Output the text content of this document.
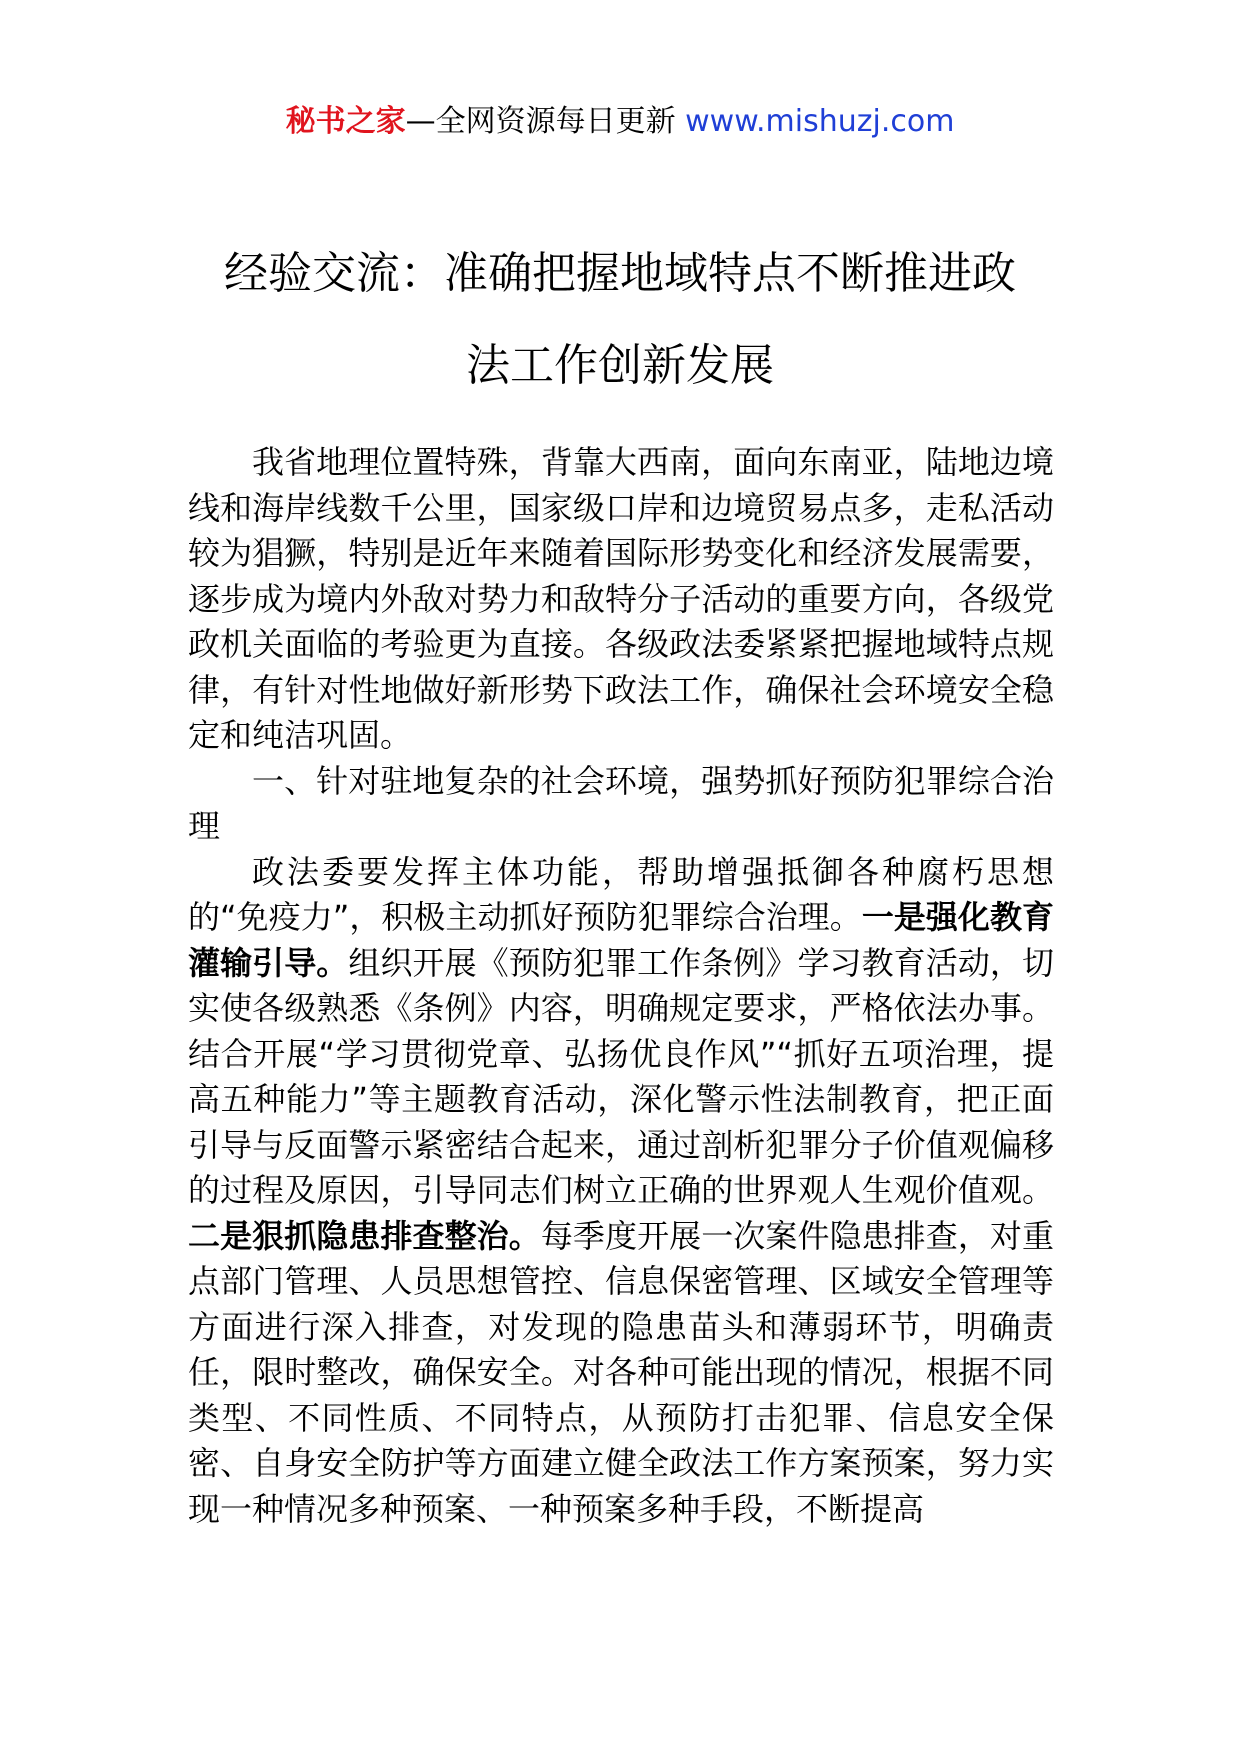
秘书之家—全网资源每日更新 www.mishuzj.com
经验交流：准确把握地域特点不断推进政
法工作创新发展

我省地理位置特殊，背靠大西南，面向东南亚，陆地边境线和海岸线数千公里，国家级口岸和边境贸易点多，走私活动较为猖獗，特别是近年来随着国际形势变化和经济发展需要，逐步成为境内外敌对势力和敌特分子活动的重要方向，各级党政机关面临的考验更为直接。各级政法委紧紧把握地域特点规律，有针对性地做好新形势下政法工作，确保社会环境安全稳定和纯洁巩固。

一、针对驻地复杂的社会环境，强势抓好预防犯罪综合治理

政法委要发挥主体功能，帮助增强抵御各种腐朽思想的“免疫力”，积极主动抓好预防犯罪综合治理。一是强化教育灌输引导。组织开展《预防犯罪工作条例》学习教育活动，切实使各级熟悉《条例》内容，明确规定要求，严格依法办事。结合开展“学习贯彻党章、弘扬优良作风”“抓好五项治理，提高五种能力”等主题教育活动，深化警示性法制教育，把正面引导与反面警示紧密结合起来，通过剖析犯罪分子价值观偏移的过程及原因，引导同志们树立正确的世界观人生观价值观。二是狠抓隐患排查整治。每季度开展一次案件隐患排查，对重点部门管理、人员思想管控、信息保密管理、区域安全管理等方面进行深入排查，对发现的隐患苗头和薄弱环节，明确责任，限时整改，确保安全。对各种可能出现的情况，根据不同类型、不同性质、不同特点，从预防打击犯罪、信息安全保密、自身安全防护等方面建立健全政法工作方案预案，努力实现一种情况多种预案、一种预案多种手段，不断提高
